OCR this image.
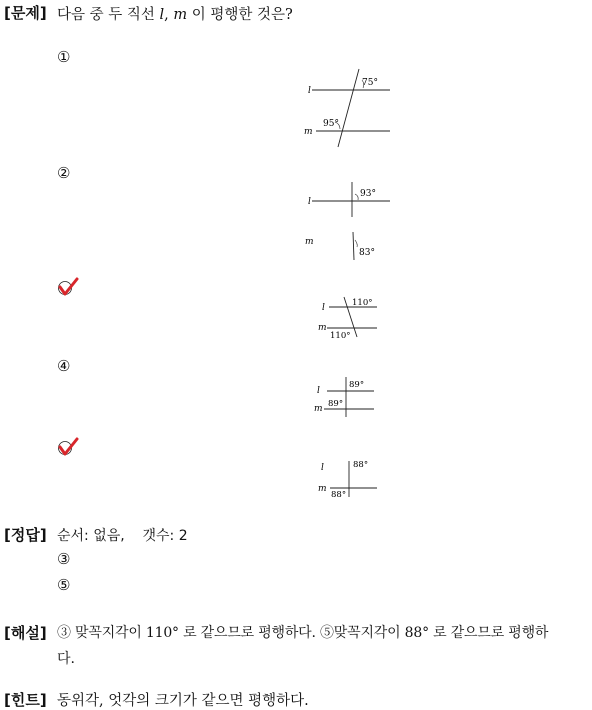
[문제] 다음 중 두 직선 l, m 이 평행한 것은?
①
l
m
75°
95°
②
l
m
93°
83°
l
m
110°
110°
④
l
m
89°
89°
l
m
88°
88°
[정답] 순서: 없음,    갯수: 2
③
⑤
[해설] ③ 맞꼭지각이 110° 로 같으므로 평행하다. ⑤맞꼭지각이 88° 로 같으므로 평행하
다.
[힌트] 동위각, 엇각의 크기가 같으면 평행하다.
